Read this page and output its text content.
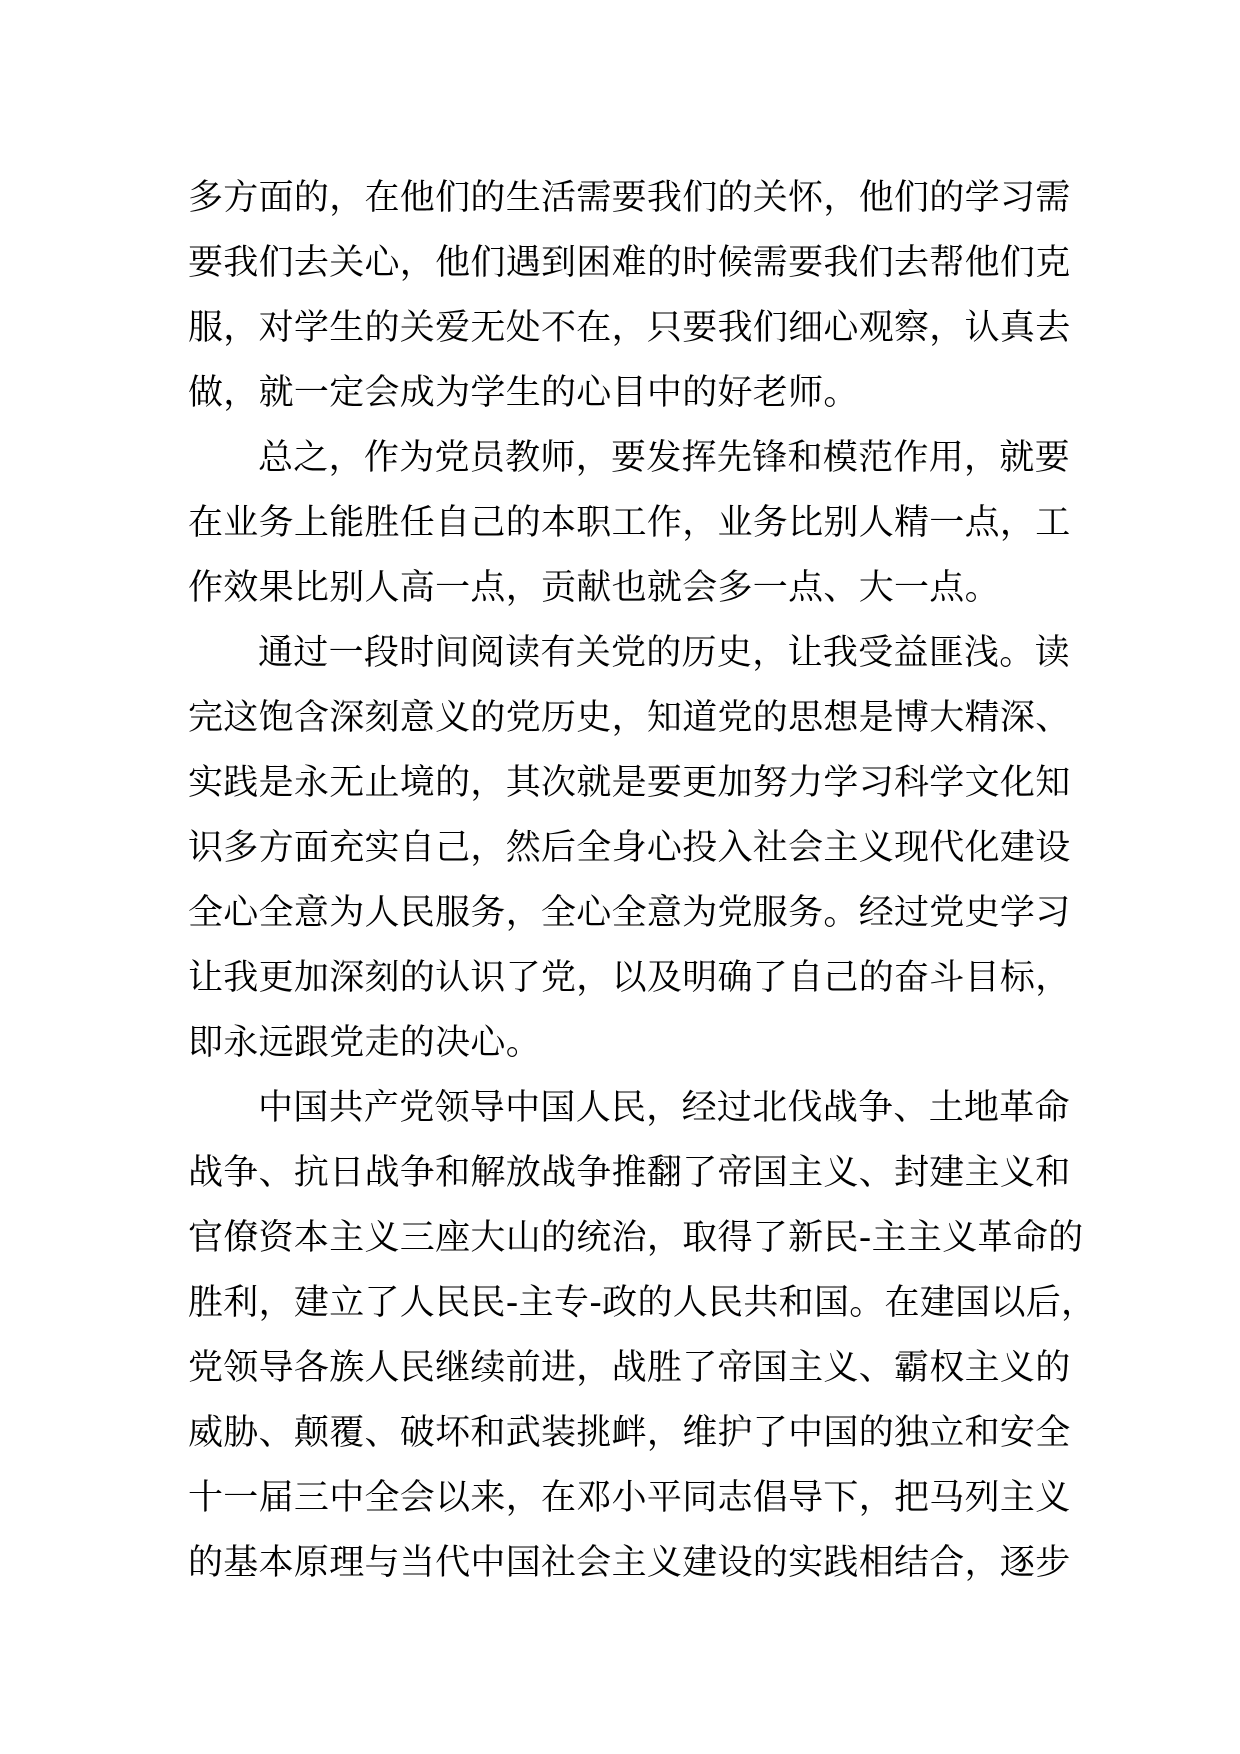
多方面的，在他们的生活需要我们的关怀，他们的学习需
要我们去关心，他们遇到困难的时候需要我们去帮他们克
服，对学生的关爱无处不在，只要我们细心观察，认真去
做，就一定会成为学生的心目中的好老师。
总之，作为党员教师，要发挥先锋和模范作用，就要
在业务上能胜任自己的本职工作，业务比别人精一点，工
作效果比别人高一点，贡献也就会多一点、大一点。
通过一段时间阅读有关党的历史，让我受益匪浅。读
完这饱含深刻意义的党历史，知道党的思想是博大精深、
实践是永无止境的，其次就是要更加努力学习科学文化知
识多方面充实自己，然后全身心投入社会主义现代化建设
全心全意为人民服务，全心全意为党服务。经过党史学习
让我更加深刻的认识了党，以及明确了自己的奋斗目标，
即永远跟党走的决心。
中国共产党领导中国人民，经过北伐战争、土地革命
战争、抗日战争和解放战争推翻了帝国主义、封建主义和
官僚资本主义三座大山的统治，取得了新民-主主义革命的
胜利，建立了人民民-主专-政的人民共和国。在建国以后，
党领导各族人民继续前进，战胜了帝国主义、霸权主义的
威胁、颠覆、破坏和武装挑衅，维护了中国的独立和安全
十一届三中全会以来，在邓小平同志倡导下，把马列主义
的基本原理与当代中国社会主义建设的实践相结合，逐步
